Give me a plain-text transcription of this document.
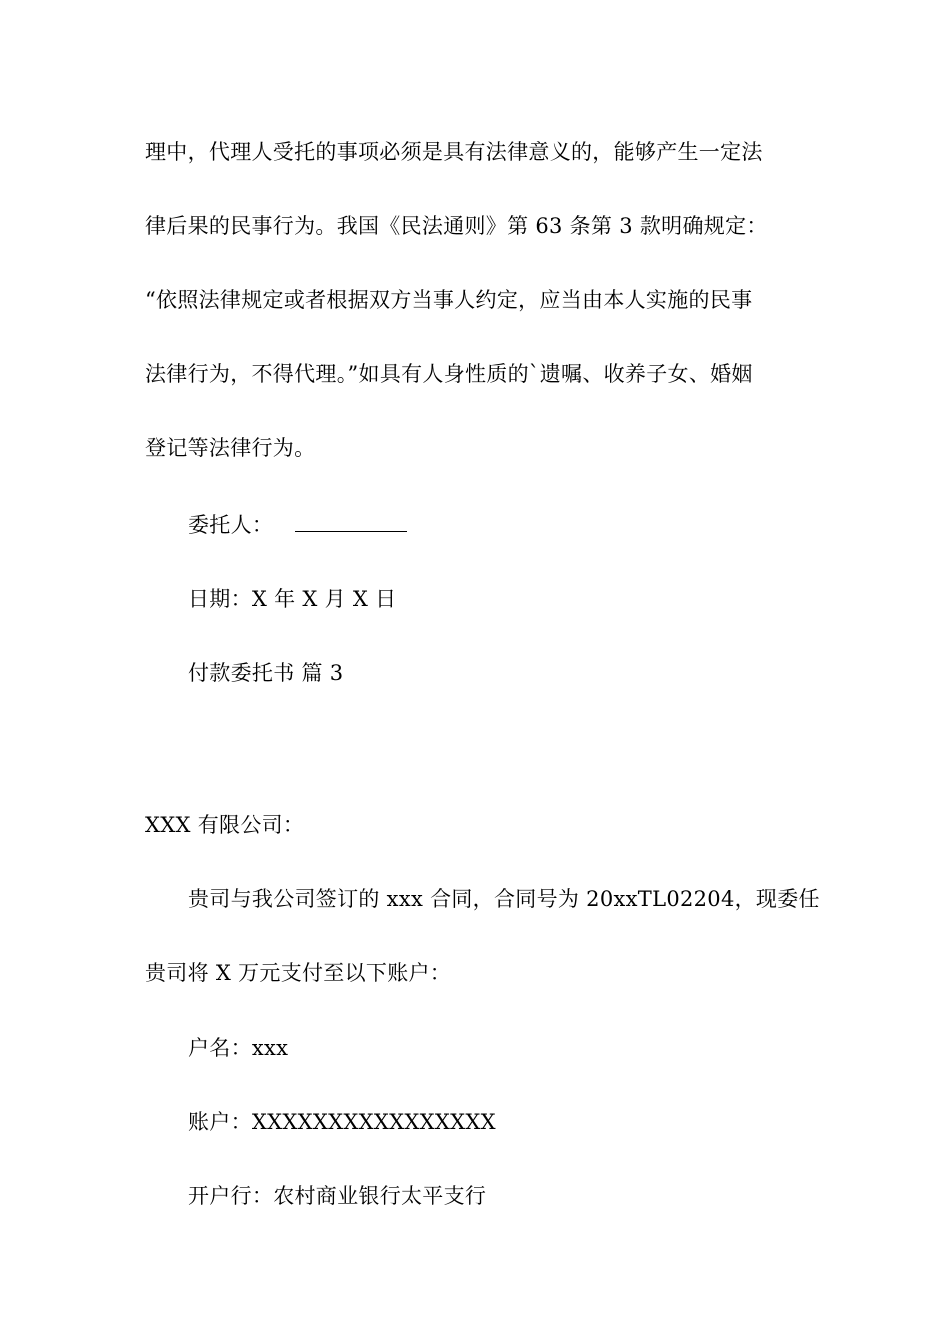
理中，代理人受托的事项必须是具有法律意义的，能够产生一定法
律后果的民事行为。我国《民法通则》第 63 条第 3 款明确规定：
“依照法律规定或者根据双方当事人约定，应当由本人实施的民事
法律行为，不得代理。”如具有人身性质的`遗嘱、收养子女、婚姻
登记等法律行为。
委托人：
日期：X 年 X 月 X 日
付款委托书 篇 3
XXX 有限公司：
贵司与我公司签订的 xxx 合同，合同号为 20xxTL02204，现委任
贵司将 X 万元支付至以下账户：
户名：xxx
账户：XXXXXXXXXXXXXXXX
开户行：农村商业银行太平支行
